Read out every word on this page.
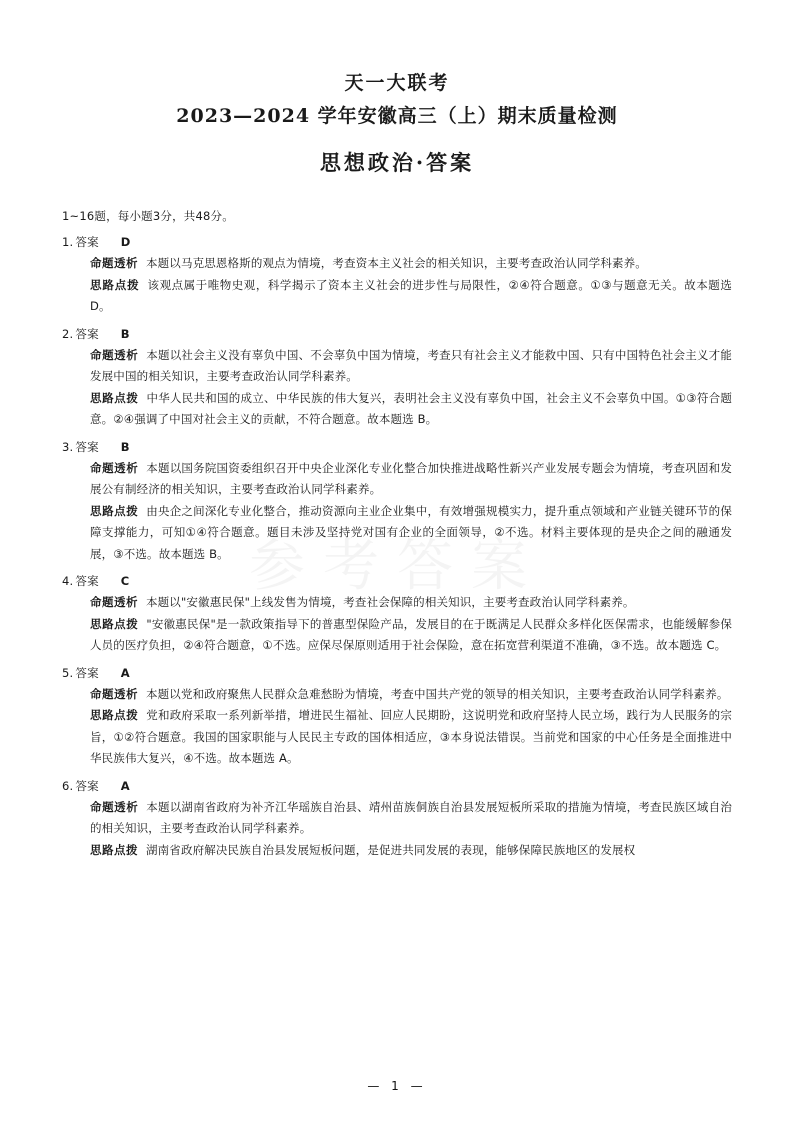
天一大联考
2023—2024 学年安徽高三（上）期末质量检测
思想政治·答案
1~16题，每小题3分，共48分。
1. 答案 D
命题透析 本题以马克思恩格斯的观点为情境，考查资本主义社会的相关知识，主要考查政治认同学科素养。
思路点拨 该观点属于唯物史观，科学揭示了资本主义社会的进步性与局限性，②④符合题意。①③与题意无关。故本题选 D。
2. 答案 B
命题透析 本题以社会主义没有辜负中国、不会辜负中国为情境，考查只有社会主义才能救中国、只有中国特色社会主义才能发展中国的相关知识，主要考查政治认同学科素养。
思路点拨 中华人民共和国的成立、中华民族的伟大复兴，表明社会主义没有辜负中国，社会主义不会辜负中国。①③符合题意。②④强调了中国对社会主义的贡献，不符合题意。故本题选 B。
3. 答案 B
命题透析 本题以国务院国资委组织召开中央企业深化专业化整合加快推进战略性新兴产业发展专题会为情境，考查巩固和发展公有制经济的相关知识，主要考查政治认同学科素养。
思路点拨 由央企之间深化专业化整合，推动资源向主业企业集中，有效增强规模实力，提升重点领域和产业链关键环节的保障支撑能力，可知①④符合题意。题目未涉及坚持党对国有企业的全面领导，②不选。材料主要体现的是央企之间的融通发展，③不选。故本题选 B。
4. 答案 C
命题透析 本题以"安徽惠民保"上线发售为情境，考查社会保障的相关知识，主要考查政治认同学科素养。
思路点拨 "安徽惠民保"是一款政策指导下的普惠型保险产品，发展目的在于既满足人民群众多样化医保需求，也能缓解参保人员的医疗负担，②④符合题意，①不选。应保尽保原则适用于社会保险，意在拓宽营利渠道不准确，③不选。故本题选 C。
5. 答案 A
命题透析 本题以党和政府聚焦人民群众急难愁盼为情境，考查中国共产党的领导的相关知识，主要考查政治认同学科素养。
思路点拨 党和政府采取一系列新举措，增进民生福祉、回应人民期盼，这说明党和政府坚持人民立场，践行为人民服务的宗旨，①②符合题意。我国的国家职能与人民民主专政的国体相适应，③本身说法错误。当前党和国家的中心任务是全面推进中华民族伟大复兴，④不选。故本题选 A。
6. 答案 A
命题透析 本题以湖南省政府为补齐江华瑶族自治县、靖州苗族侗族自治县发展短板所采取的措施为情境，考查民族区域自治的相关知识，主要考查政治认同学科素养。
思路点拨 湖南省政府解决民族自治县发展短板问题，是促进共同发展的表现，能够保障民族地区的发展权
— 1 —
